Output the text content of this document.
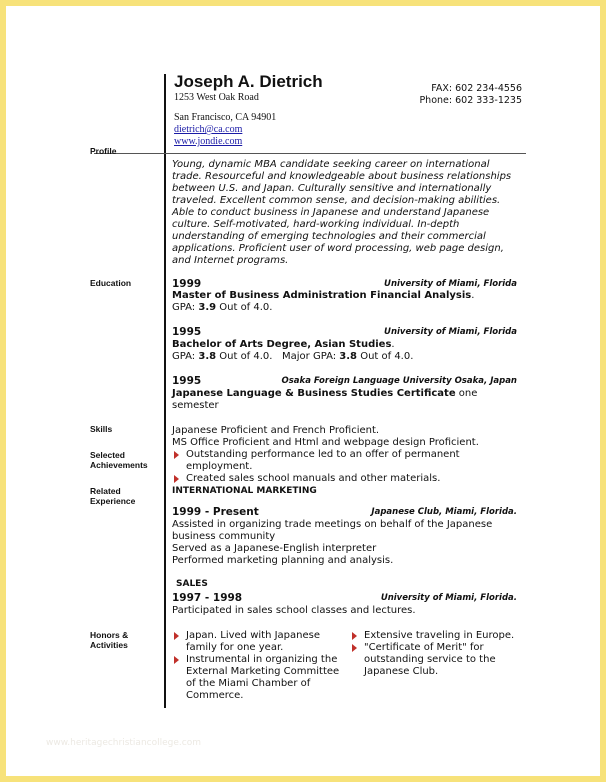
Joseph A. Dietrich
1253 West Oak Road
San Francisco, CA 94901
dietrich@ca.com
www.jondie.com
FAX: 602 234-4556
Phone: 602 333-1235
Profile
Education
Skills
Selected
Achievements
Related
Experience
Honors &
Activities
Young, dynamic MBA candidate seeking career on international trade. Resourceful and knowledgeable about business relationships between U.S. and Japan. Culturally sensitive and internationally traveled. Excellent common sense, and decision-making abilities. Able to conduct business in Japanese and understand Japanese culture. Self-motivated, hard-working individual. In-depth understanding of emerging technologies and their commercial applications. Proficient user of word processing, web page design, and Internet programs.
1999	University of Miami, Florida
Master of Business Administration Financial Analysis.
GPA: 3.9 Out of 4.0.
1995	University of Miami, Florida
Bachelor of Arts Degree, Asian Studies.
GPA: 3.8 Out of 4.0.   Major GPA: 3.8 Out of 4.0.
1995	Osaka Foreign Language University Osaka, Japan
Japanese Language & Business Studies Certificate one
semester
Japanese Proficient and French Proficient.
MS Office Proficient and Html and webpage design Proficient.
Outstanding performance led to an offer of permanent employment.
Created sales school manuals and other materials.
INTERNATIONAL MARKETING
1999 - Present	Japanese Club, Miami, Florida.
Assisted in organizing trade meetings on behalf of the Japanese
business community
Served as a Japanese-English interpreter
Performed marketing planning and analysis.
SALES
1997 - 1998	University of Miami, Florida.
Participated in sales school classes and lectures.
Japan. Lived with Japanese family for one year.
Instrumental in organizing the External Marketing Committee of the Miami Chamber of Commerce.
Extensive traveling in Europe.
"Certificate of Merit" for outstanding service to the Japanese Club.
www.heritagechristiancollege.com
